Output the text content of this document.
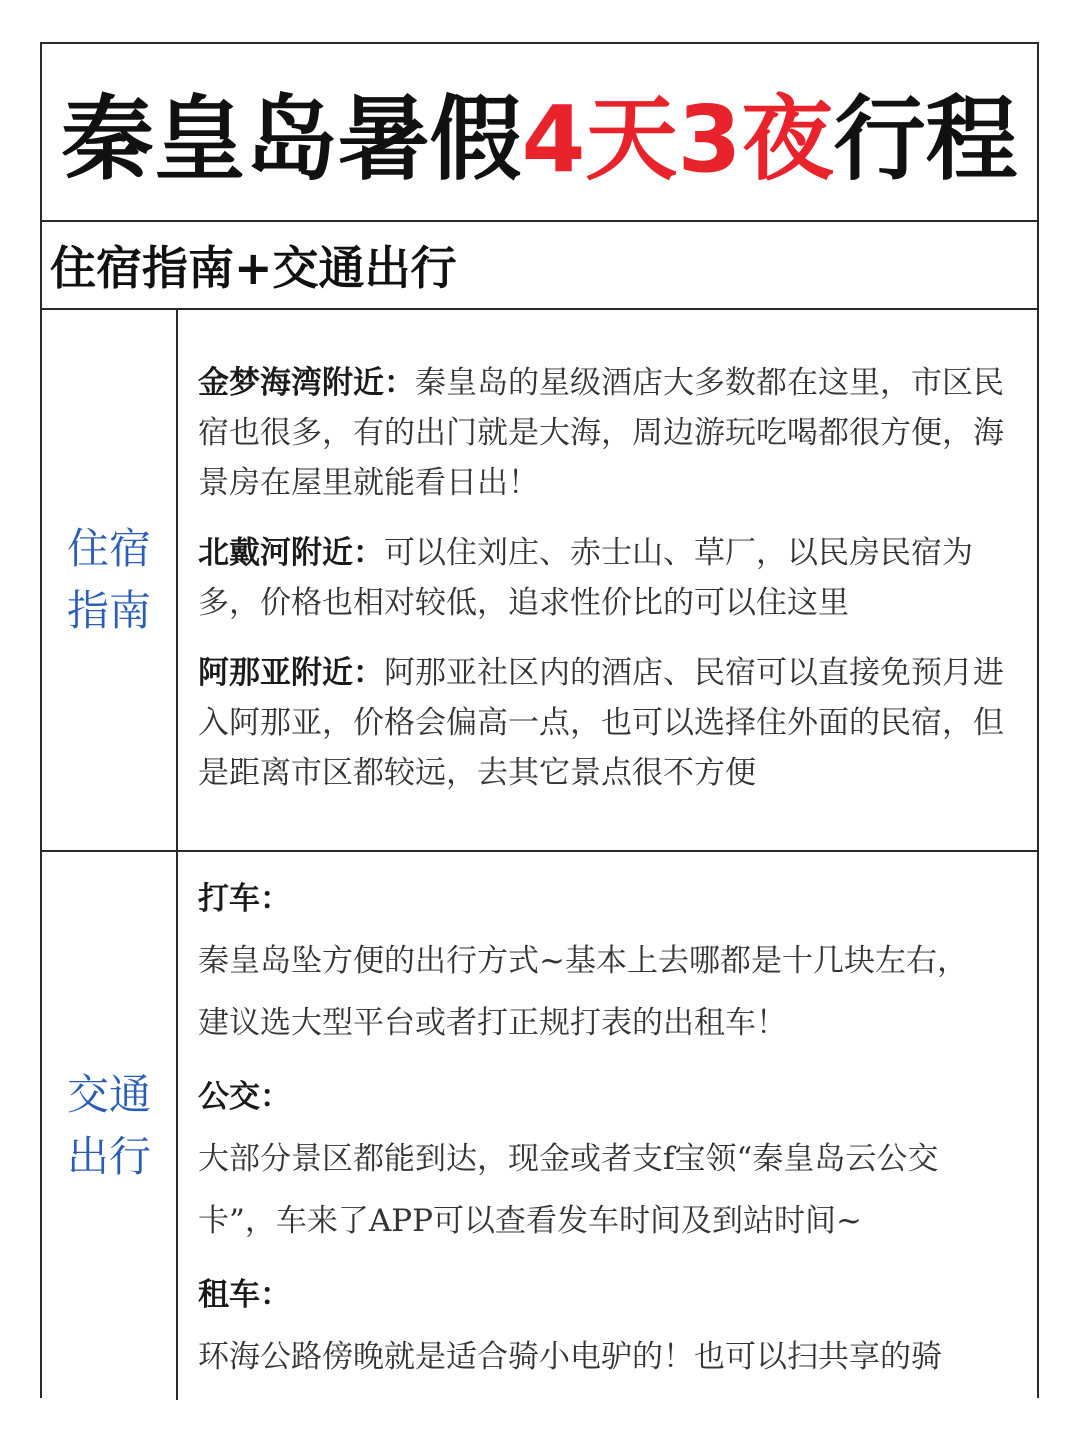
秦皇岛暑假4天3夜行程
住宿指南+交通出行
住宿
指南
金梦海湾附近：秦皇岛的星级酒店大多数都在这里，市区民宿也很多，有的出门就是大海，周边游玩吃喝都很方便，海景房在屋里就能看日出！
北戴河附近：可以住刘庄、赤士山、草厂，以民房民宿为多，价格也相对较低，追求性价比的可以住这里
阿那亚附近：阿那亚社区内的酒店、民宿可以直接免预月进入阿那亚，价格会偏高一点，也可以选择住外面的民宿，但是距离市区都较远，去其它景点很不方便
交通
出行
打车：
秦皇岛坠方便的出行方式~基本上去哪都是十几块左右，建议选大型平台或者打正规打表的出租车！
公交：
大部分景区都能到达，现金或者支f宝领“秦皇岛云公交卡”，车来了APP可以查看发车时间及到站时间~
租车：
环海公路傍晚就是适合骑小电驴的！也可以扫共享的骑
